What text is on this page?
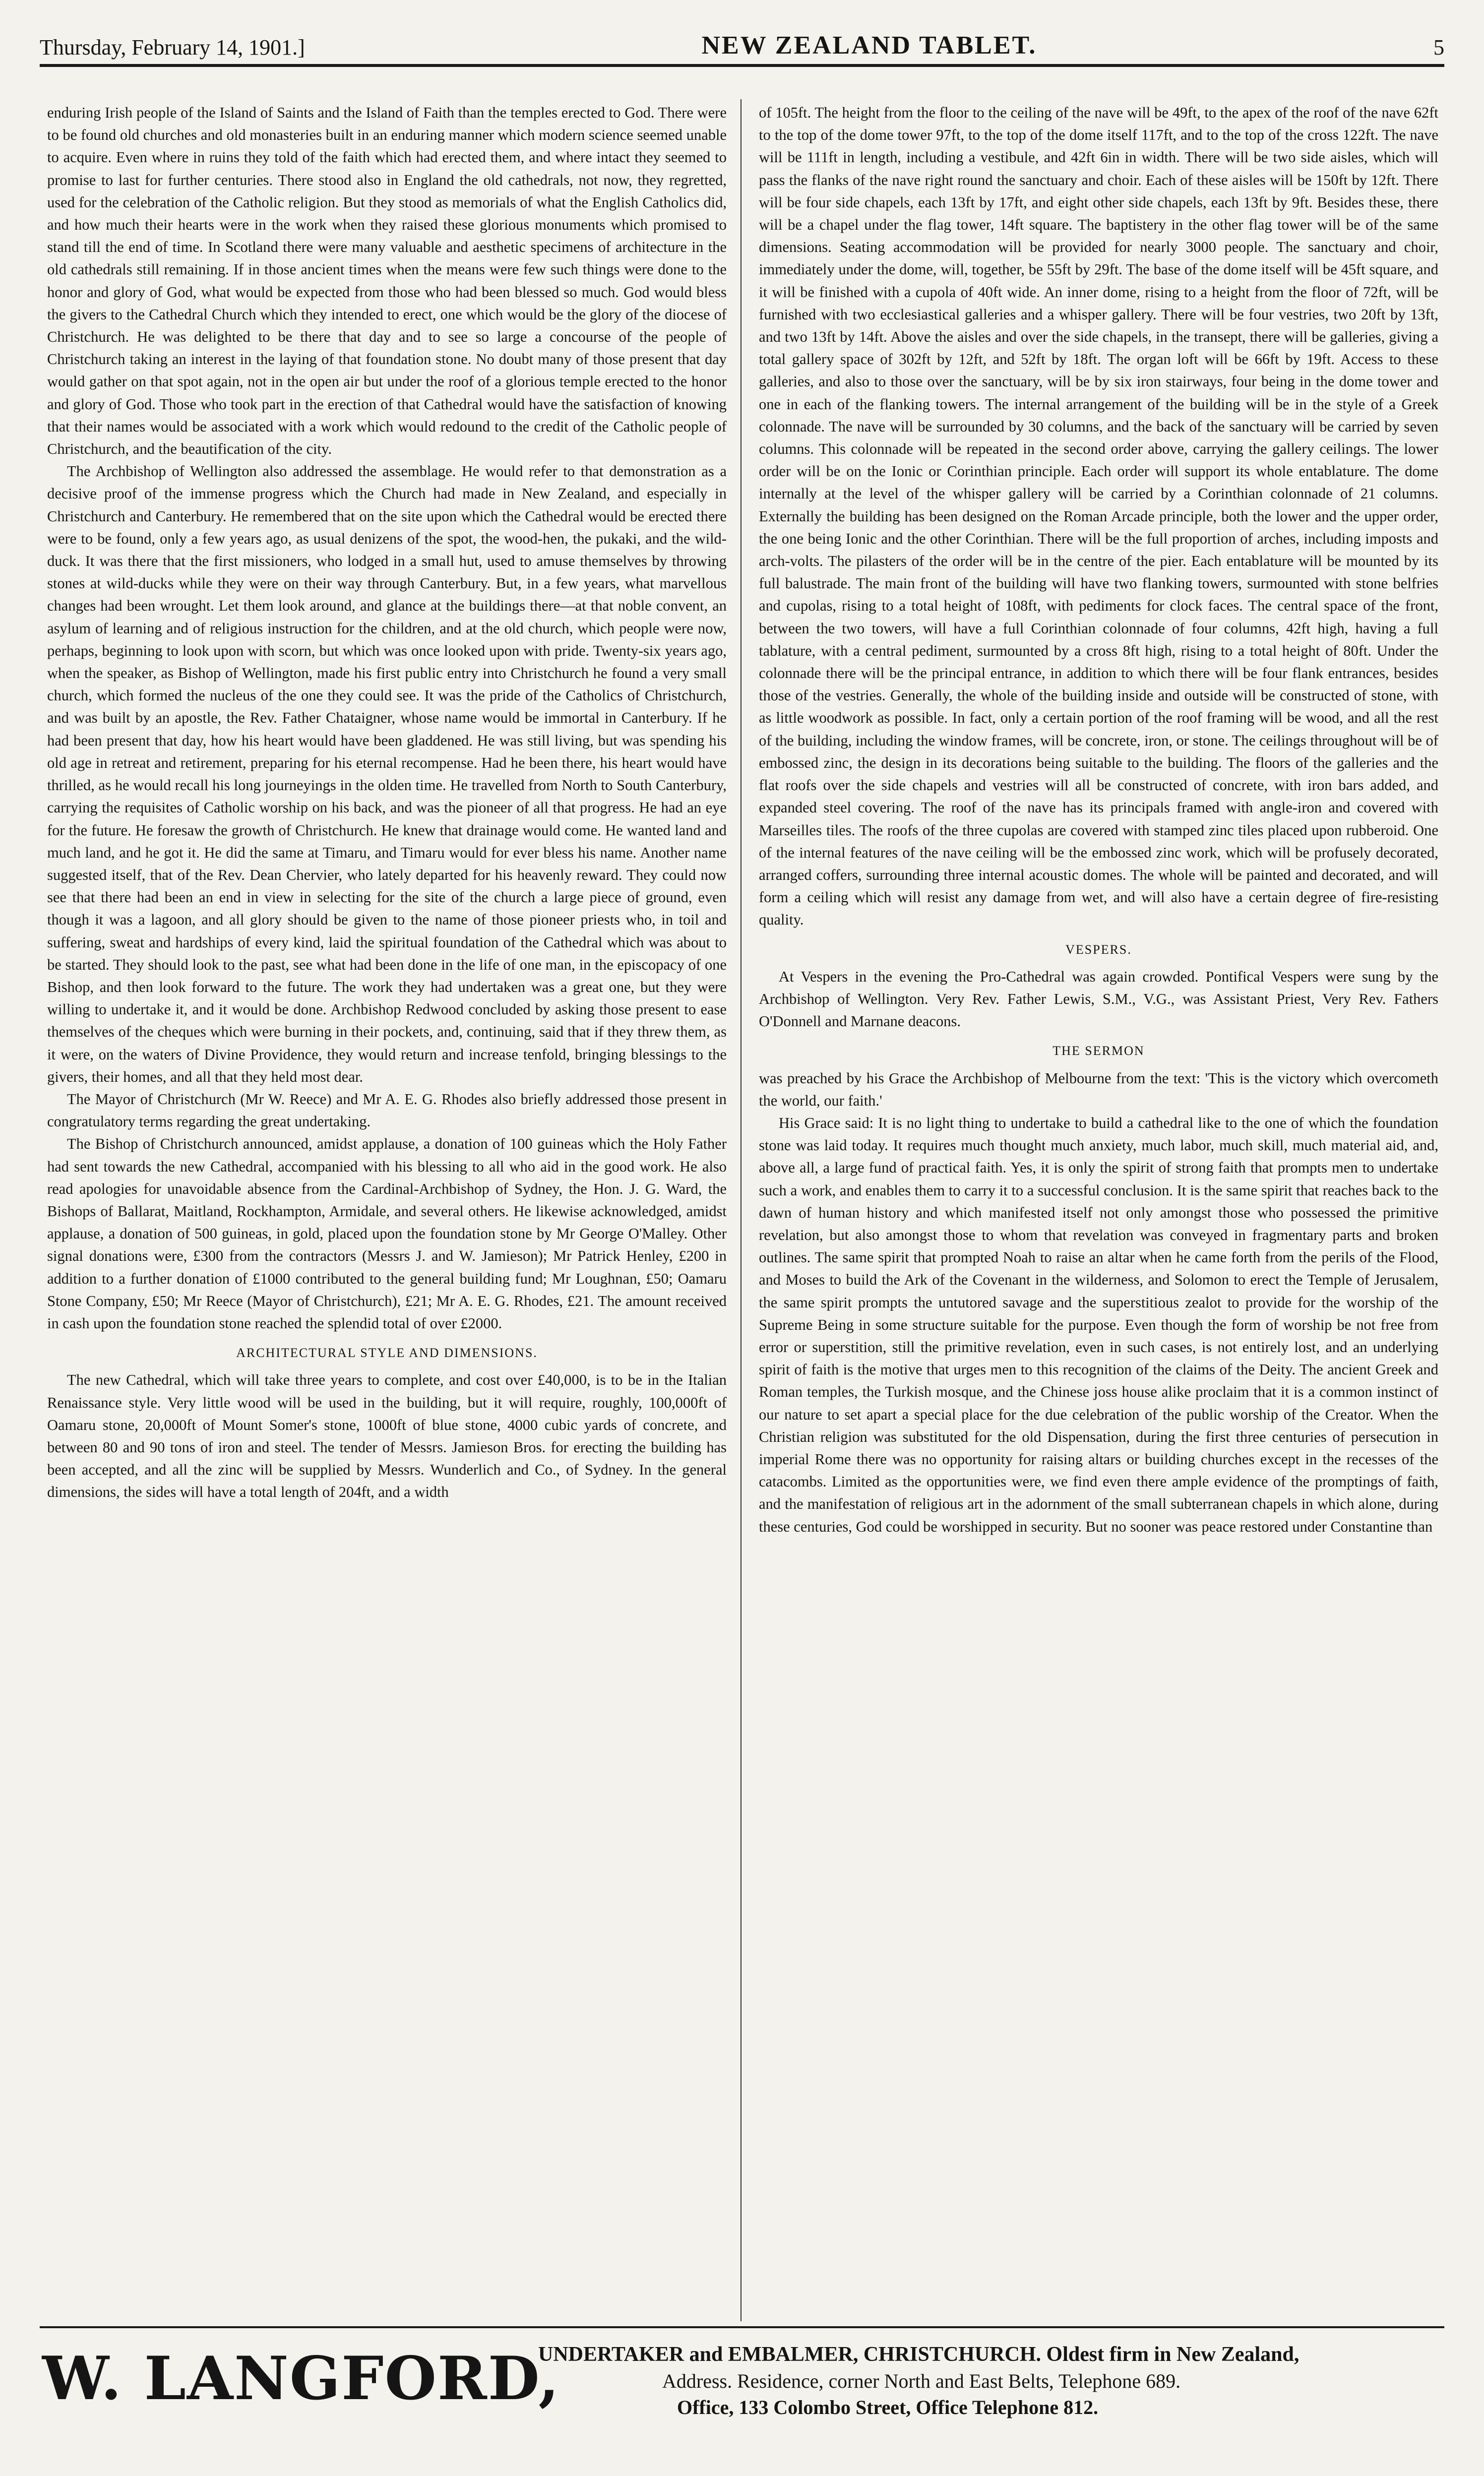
Thursday, February 14, 1901.]	NEW ZEALAND TABLET.	5

enduring Irish people of the Island of Saints and the Island of Faith than the temples erected to God. There were to be found old churches and old monasteries built in an enduring manner which modern science seemed unable to acquire. Even where in ruins they told of the faith which had erected them, and where intact they seemed to promise to last for further centuries. There stood also in England the old cathedrals, not now, they regretted, used for the celebration of the Catholic religion. But they stood as memorials of what the English Catholics did, and how much their hearts were in the work when they raised these glorious monuments which promised to stand till the end of time. In Scotland there were many valuable and aesthetic specimens of architecture in the old cathedrals still remaining. If in those ancient times when the means were few such things were done to the honor and glory of God, what would be expected from those who had been blessed so much. God would bless the givers to the Cathedral Church which they intended to erect, one which would be the glory of the diocese of Christchurch. He was delighted to be there that day and to see so large a concourse of the people of Christchurch taking an interest in the laying of that foundation stone. No doubt many of those present that day would gather on that spot again, not in the open air but under the roof of a glorious temple erected to the honor and glory of God. Those who took part in the erection of that Cathedral would have the satisfaction of knowing that their names would be associated with a work which would redound to the credit of the Catholic people of Christchurch, and the beautification of the city.

The Archbishop of Wellington also addressed the assemblage. He would refer to that demonstration as a decisive proof of the immense progress which the Church had made in New Zealand, and especially in Christchurch and Canterbury. He remembered that on the site upon which the Cathedral would be erected there were to be found, only a few years ago, as usual denizens of the spot, the wood-hen, the pukaki, and the wild-duck. It was there that the first missioners, who lodged in a small hut, used to amuse themselves by throwing stones at wild-ducks while they were on their way through Canterbury. But, in a few years, what marvellous changes had been wrought. Let them look around, and glance at the buildings there—at that noble convent, an asylum of learning and of religious instruction for the children, and at the old church, which people were now, perhaps, beginning to look upon with scorn, but which was once looked upon with pride. Twenty-six years ago, when the speaker, as Bishop of Wellington, made his first public entry into Christchurch he found a very small church, which formed the nucleus of the one they could see. It was the pride of the Catholics of Christchurch, and was built by an apostle, the Rev. Father Chataigner, whose name would be immortal in Canterbury. If he had been present that day, how his heart would have been gladdened. He was still living, but was spending his old age in retreat and retirement, preparing for his eternal recompense. Had he been there, his heart would have thrilled, as he would recall his long journeyings in the olden time. He travelled from North to South Canterbury, carrying the requisites of Catholic worship on his back, and was the pioneer of all that progress. He had an eye for the future. He foresaw the growth of Christchurch. He knew that drainage would come. He wanted land and much land, and he got it. He did the same at Timaru, and Timaru would for ever bless his name. Another name suggested itself, that of the Rev. Dean Chervier, who lately departed for his heavenly reward. They could now see that there had been an end in view in selecting for the site of the church a large piece of ground, even though it was a lagoon, and all glory should be given to the name of those pioneer priests who, in toil and suffering, sweat and hardships of every kind, laid the spiritual foundation of the Cathedral which was about to be started. They should look to the past, see what had been done in the life of one man, in the episcopacy of one Bishop, and then look forward to the future. The work they had undertaken was a great one, but they were willing to undertake it, and it would be done. Archbishop Redwood concluded by asking those present to ease themselves of the cheques which were burning in their pockets, and, continuing, said that if they threw them, as it were, on the waters of Divine Providence, they would return and increase tenfold, bringing blessings to the givers, their homes, and all that they held most dear.

The Mayor of Christchurch (Mr W. Reece) and Mr A. E. G. Rhodes also briefly addressed those present in congratulatory terms regarding the great undertaking.

The Bishop of Christchurch announced, amidst applause, a donation of 100 guineas which the Holy Father had sent towards the new Cathedral, accompanied with his blessing to all who aid in the good work. He also read apologies for unavoidable absence from the Cardinal-Archbishop of Sydney, the Hon. J. G. Ward, the Bishops of Ballarat, Maitland, Rockhampton, Armidale, and several others. He likewise acknowledged, amidst applause, a donation of 500 guineas, in gold, placed upon the foundation stone by Mr George O'Malley. Other signal donations were, £300 from the contractors (Messrs J. and W. Jamieson); Mr Patrick Henley, £200 in addition to a further donation of £1000 contributed to the general building fund; Mr Loughnan, £50; Oamaru Stone Company, £50; Mr Reece (Mayor of Christchurch), £21; Mr A. E. G. Rhodes, £21. The amount received in cash upon the foundation stone reached the splendid total of over £2000.

ARCHITECTURAL STYLE AND DIMENSIONS.

The new Cathedral, which will take three years to complete, and cost over £40,000, is to be in the Italian Renaissance style. Very little wood will be used in the building, but it will require, roughly, 100,000ft of Oamaru stone, 20,000ft of Mount Somer's stone, 1000ft of blue stone, 4000 cubic yards of concrete, and between 80 and 90 tons of iron and steel. The tender of Messrs. Jamieson Bros. for erecting the building has been accepted, and all the zinc will be supplied by Messrs. Wunderlich and Co., of Sydney. In the general dimensions, the sides will have a total length of 204ft, and a width

of 105ft. The height from the floor to the ceiling of the nave will be 49ft, to the apex of the roof of the nave 62ft to the top of the dome tower 97ft, to the top of the dome itself 117ft, and to the top of the cross 122ft. The nave will be 111ft in length, including a vestibule, and 42ft 6in in width. There will be two side aisles, which will pass the flanks of the nave right round the sanctuary and choir. Each of these aisles will be 150ft by 12ft. There will be four side chapels, each 13ft by 17ft, and eight other side chapels, each 13ft by 9ft. Besides these, there will be a chapel under the flag tower, 14ft square. The baptistery in the other flag tower will be of the same dimensions. Seating accommodation will be provided for nearly 3000 people. The sanctuary and choir, immediately under the dome, will, together, be 55ft by 29ft. The base of the dome itself will be 45ft square, and it will be finished with a cupola of 40ft wide. An inner dome, rising to a height from the floor of 72ft, will be furnished with two ecclesiastical galleries and a whisper gallery. There will be four vestries, two 20ft by 13ft, and two 13ft by 14ft. Above the aisles and over the side chapels, in the transept, there will be galleries, giving a total gallery space of 302ft by 12ft, and 52ft by 18ft. The organ loft will be 66ft by 19ft. Access to these galleries, and also to those over the sanctuary, will be by six iron stairways, four being in the dome tower and one in each of the flanking towers. The internal arrangement of the building will be in the style of a Greek colonnade. The nave will be surrounded by 30 columns, and the back of the sanctuary will be carried by seven columns. This colonnade will be repeated in the second order above, carrying the gallery ceilings. The lower order will be on the Ionic or Corinthian principle. Each order will support its whole entablature. The dome internally at the level of the whisper gallery will be carried by a Corinthian colonnade of 21 columns. Externally the building has been designed on the Roman Arcade principle, both the lower and the upper order, the one being Ionic and the other Corinthian. There will be the full proportion of arches, including imposts and arch-volts. The pilasters of the order will be in the centre of the pier. Each entablature will be mounted by its full balustrade. The main front of the building will have two flanking towers, surmounted with stone belfries and cupolas, rising to a total height of 108ft, with pediments for clock faces. The central space of the front, between the two towers, will have a full Corinthian colonnade of four columns, 42ft high, having a full tablature, with a central pediment, surmounted by a cross 8ft high, rising to a total height of 80ft. Under the colonnade there will be the principal entrance, in addition to which there will be four flank entrances, besides those of the vestries. Generally, the whole of the building inside and outside will be constructed of stone, with as little woodwork as possible. In fact, only a certain portion of the roof framing will be wood, and all the rest of the building, including the window frames, will be concrete, iron, or stone. The ceilings throughout will be of embossed zinc, the design in its decorations being suitable to the building. The floors of the galleries and the flat roofs over the side chapels and vestries will all be constructed of concrete, with iron bars added, and expanded steel covering. The roof of the nave has its principals framed with angle-iron and covered with Marseilles tiles. The roofs of the three cupolas are covered with stamped zinc tiles placed upon rubberoid. One of the internal features of the nave ceiling will be the embossed zinc work, which will be profusely decorated, arranged coffers, surrounding three internal acoustic domes. The whole will be painted and decorated, and will form a ceiling which will resist any damage from wet, and will also have a certain degree of fire-resisting quality.

VESPERS.

At Vespers in the evening the Pro-Cathedral was again crowded. Pontifical Vespers were sung by the Archbishop of Wellington. Very Rev. Father Lewis, S.M., V.G., was Assistant Priest, Very Rev. Fathers O'Donnell and Marnane deacons.

THE SERMON

was preached by his Grace the Archbishop of Melbourne from the text: 'This is the victory which overcometh the world, our faith.'

His Grace said: It is no light thing to undertake to build a cathedral like to the one of which the foundation stone was laid today. It requires much thought much anxiety, much labor, much skill, much material aid, and, above all, a large fund of practical faith. Yes, it is only the spirit of strong faith that prompts men to undertake such a work, and enables them to carry it to a successful conclusion. It is the same spirit that reaches back to the dawn of human history and which manifested itself not only amongst those who possessed the primitive revelation, but also amongst those to whom that revelation was conveyed in fragmentary parts and broken outlines. The same spirit that prompted Noah to raise an altar when he came forth from the perils of the Flood, and Moses to build the Ark of the Covenant in the wilderness, and Solomon to erect the Temple of Jerusalem, the same spirit prompts the untutored savage and the superstitious zealot to provide for the worship of the Supreme Being in some structure suitable for the purpose. Even though the form of worship be not free from error or superstition, still the primitive revelation, even in such cases, is not entirely lost, and an underlying spirit of faith is the motive that urges men to this recognition of the claims of the Deity. The ancient Greek and Roman temples, the Turkish mosque, and the Chinese joss house alike proclaim that it is a common instinct of our nature to set apart a special place for the due celebration of the public worship of the Creator. When the Christian religion was substituted for the old Dispensation, during the first three centuries of persecution in imperial Rome there was no opportunity for raising altars or building churches except in the recesses of the catacombs. Limited as the opportunities were, we find even there ample evidence of the promptings of faith, and the manifestation of religious art in the adornment of the small subterranean chapels in which alone, during these centuries, God could be worshipped in security. But no sooner was peace restored under Constantine than

W. LANGFORD,
UNDERTAKER and EMBALMER, CHRISTCHURCH. Oldest firm in New Zealand,
Address. Residence, corner North and East Belts, Telephone 689.
Office, 133 Colombo Street, Office Telephone 812.
